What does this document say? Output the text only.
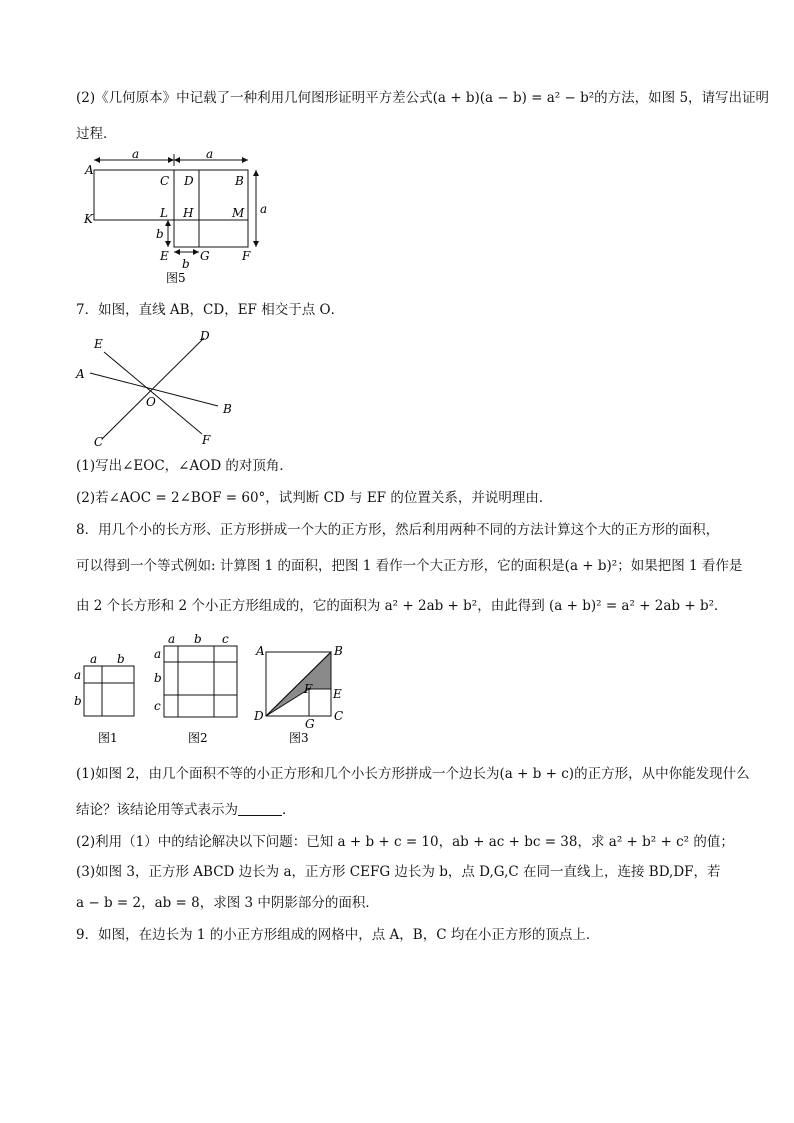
(2)《几何原本》中记载了一种利用几何图形证明平方差公式(a + b)(a − b) = a² − b²的方法，如图 5，请写出证明
过程．
A
C D	B
K	L H	M
E	G	F
a	a
a
b
b
图5
7．如图，直线 AB，CD，EF 相交于点 O．
E
D
A
O	B
C	F
(1)写出∠EOC，∠AOD 的对顶角．
(2)若∠AOC = 2∠BOF = 60°，试判断 CD 与 EF 的位置关系，并说明理由．
8．用几个小的长方形、正方形拼成一个大的正方形，然后利用两种不同的方法计算这个大的正方形的面积，
可以得到一个等式例如: 计算图 1 的面积，把图 1 看作一个大正方形，它的面积是(a + b)²；如果把图 1 看作是
由 2 个长方形和 2 个小正方形组成的，它的面积为 a² + 2ab + b²，由此得到 (a + b)² = a² + 2ab + b²．
a b
a
b
图1
a b c
a
b
c
图2
A	B
F E
D
G
C
图3
(1)如图 2，由几个面积不等的小正方形和几个小长方形拼成一个边长为(a + b + c)的正方形，从中你能发现什么
结论？该结论用等式表示为	．
(2)利用（1）中的结论解决以下问题：已知 a + b + c = 10，ab + ac + bc = 38，求 a² + b² + c² 的值；
(3)如图 3，正方形 ABCD 边长为 a，正方形 CEFG 边长为 b，点 D,G,C 在同一直线上，连接 BD,DF，若
a − b = 2，ab = 8，求图 3 中阴影部分的面积．
9．如图，在边长为 1 的小正方形组成的网格中，点 A，B，C 均在小正方形的顶点上．
